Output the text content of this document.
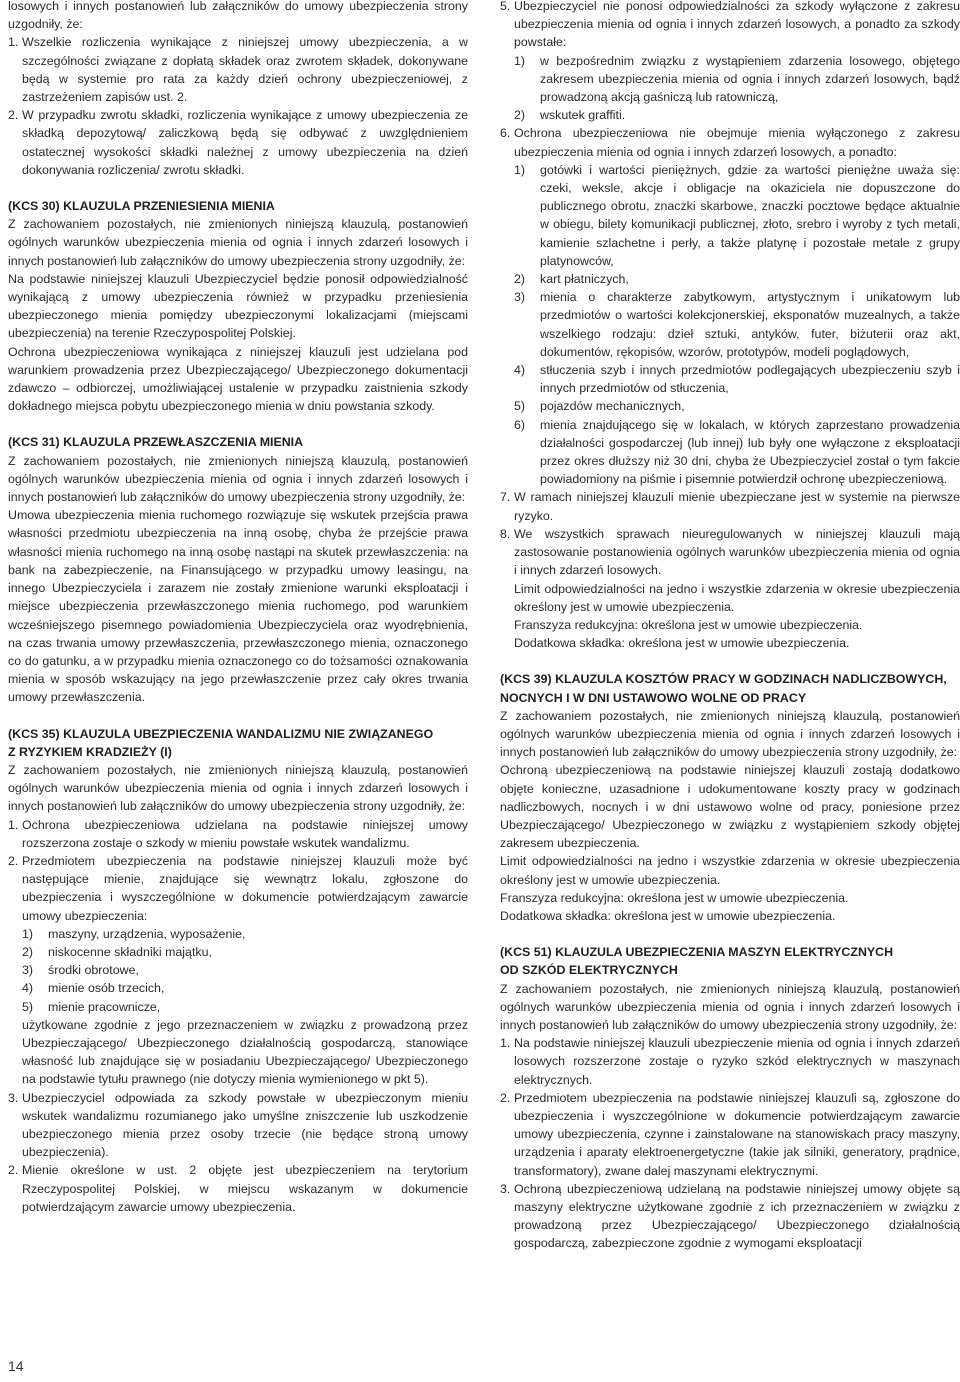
losowych i innych postanowień lub załączników do umowy ubezpieczenia strony uzgodniły, że:

1. Wszelkie rozliczenia wynikające z niniejszej umowy ubezpieczenia, a w szczególności związane z dopłatą składek oraz zwrotem składek, dokonywane będą w systemie pro rata za każdy dzień ochrony ubezpieczeniowej, z zastrzeżeniem zapisów ust. 2.
2. W przypadku zwrotu składki, rozliczenia wynikające z umowy ubezpieczenia ze składką depozytową/ zaliczkową będą się odbywać z uwzględnieniem ostatecznej wysokości składki należnej z umowy ubezpieczenia na dzień dokonywania rozliczenia/ zwrotu składki.

(KCS 30) KLAUZULA PRZENIESIENIA MIENIA

Z zachowaniem pozostałych, nie zmienionych niniejszą klauzulą, postanowień ogólnych warunków ubezpieczenia mienia od ognia i innych zdarzeń losowych i innych postanowień lub załączników do umowy ubezpieczenia strony uzgodniły, że:

Na podstawie niniejszej klauzuli Ubezpieczyciel będzie ponosił odpowiedzialność wynikającą z umowy ubezpieczenia również w przypadku przeniesienia ubezpieczonego mienia pomiędzy ubezpieczonymi lokalizacjami (miejscami ubezpieczenia) na terenie Rzeczypospolitej Polskiej.

Ochrona ubezpieczeniowa wynikająca z niniejszej klauzuli jest udzielana pod warunkiem prowadzenia przez Ubezpieczającego/ Ubezpieczonego dokumentacji zdawczo – odbiorczej, umożliwiającej ustalenie w przypadku zaistnienia szkody dokładnego miejsca pobytu ubezpieczonego mienia w dniu powstania szkody.

(KCS 31) KLAUZULA PRZEWŁASZCZENIA MIENIA

Z zachowaniem pozostałych, nie zmienionych niniejszą klauzulą, postanowień ogólnych warunków ubezpieczenia mienia od ognia i innych zdarzeń losowych i innych postanowień lub załączników do umowy ubezpieczenia strony uzgodniły, że:

Umowa ubezpieczenia mienia ruchomego rozwiązuje się wskutek przejścia prawa własności przedmiotu ubezpieczenia na inną osobę, chyba że przejście prawa własności mienia ruchomego na inną osobę nastąpi na skutek przewłaszczenia: na bank na zabezpieczenie, na Finansującego w przypadku umowy leasingu, na innego Ubezpieczyciela i zarazem nie zostały zmienione warunki eksploatacji i miejsce ubezpieczenia przewłaszczonego mienia ruchomego, pod warunkiem wcześniejszego pisemnego powiadomienia Ubezpieczyciela oraz wyodrębnienia, na czas trwania umowy przewłaszczenia, przewłaszczonego mienia, oznaczonego co do gatunku, a w przypadku mienia oznaczonego co do tożsamości oznakowania mienia w sposób wskazujący na jego przewłaszczenie przez cały okres trwania umowy przewłaszczenia.

(KCS 35) KLAUZULA UBEZPIECZENIA WANDALIZMU NIE ZWIĄZANEGO
Z RYZYKIEM KRADZIEŻY (I)

Z zachowaniem pozostałych, nie zmienionych niniejszą klauzulą, postanowień ogólnych warunków ubezpieczenia mienia od ognia i innych zdarzeń losowych i innych postanowień lub załączników do umowy ubezpieczenia strony uzgodniły, że:

1. Ochrona ubezpieczeniowa udzielana na podstawie niniejszej umowy rozszerzona zostaje o szkody w mieniu powstałe wskutek wandalizmu.
2. Przedmiotem ubezpieczenia na podstawie niniejszej klauzuli może być następujące mienie, znajdujące się wewnątrz lokalu, zgłoszone do ubezpieczenia i wyszczególnione w dokumencie potwierdzającym zawarcie umowy ubezpieczenia:
1)	maszyny, urządzenia, wyposażenie,
2)	niskocenne składniki majątku,
3)	środki obrotowe,
4)	mienie osób trzecich,
5)	mienie pracownicze,

użytkowane zgodnie z jego przeznaczeniem w związku z prowadzoną przez Ubezpieczającego/ Ubezpieczonego działalnością gospodarczą, stanowiące własność lub znajdujące się w posiadaniu Ubezpieczającego/ Ubezpieczonego na podstawie tytułu prawnego (nie dotyczy mienia wymienionego w pkt 5).

3. Ubezpieczyciel odpowiada za szkody powstałe w ubezpieczonym mieniu wskutek wandalizmu rozumianego jako umyślne zniszczenie lub uszkodzenie ubezpieczonego mienia przez osoby trzecie (nie będące stroną umowy ubezpieczenia).
2. Mienie określone w ust. 2 objęte jest ubezpieczeniem na terytorium Rzeczypospolitej Polskiej, w miejscu wskazanym w dokumencie potwierdzającym zawarcie umowy ubezpieczenia.
5. Ubezpieczyciel nie ponosi odpowiedzialności za szkody wyłączone z zakresu ubezpieczenia mienia od ognia i innych zdarzeń losowych, a ponadto za szkody powstałe:
1)	w bezpośrednim związku z wystąpieniem zdarzenia losowego, objętego zakresem ubezpieczenia mienia od ognia i innych zdarzeń losowych, bądź prowadzoną akcją gaśniczą lub ratowniczą,
2)	wskutek graffiti.
6. Ochrona ubezpieczeniowa nie obejmuje mienia wyłączonego z zakresu ubezpieczenia mienia od ognia i innych zdarzeń losowych, a ponadto:
1)	gotówki i wartości pieniężnych, gdzie za wartości pieniężne uważa się: czeki, weksle, akcje i obligacje na okaziciela nie dopuszczone do publicznego obrotu, znaczki skarbowe, znaczki pocztowe będące aktualnie w obiegu, bilety komunikacji publicznej, złoto, srebro i wyroby z tych metali, kamienie szlachetne i perły, a także platynę i pozostałe metale z grupy platynowców,
2)	kart płatniczych,
3)	mienia o charakterze zabytkowym, artystycznym i unikatowym lub przedmiotów o wartości kolekcjonerskiej, eksponatów muzealnych, a także wszelkiego rodzaju: dzieł sztuki, antyków, futer, biżuterii oraz akt, dokumentów, rękopisów, wzorów, prototypów, modeli poglądowych,
4)	stłuczenia szyb i innych przedmiotów podlegających ubezpieczeniu szyb i innych przedmiotów od stłuczenia,
5)	pojazdów mechanicznych,
6)	mienia znajdującego się w lokalach, w których zaprzestano prowadzenia działalności gospodarczej (lub innej) lub były one wyłączone z eksploatacji przez okres dłuższy niż 30 dni, chyba że Ubezpieczyciel został o tym fakcie powiadomiony na piśmie i pisemnie potwierdził ochronę ubezpieczeniową.
7. W ramach niniejszej klauzuli mienie ubezpieczane jest w systemie na pierwsze ryzyko.
8. We wszystkich sprawach nieuregulowanych w niniejszej klauzuli mają zastosowanie postanowienia ogólnych warunków ubezpieczenia mienia od ognia i innych zdarzeń losowych.

Limit odpowiedzialności na jedno i wszystkie zdarzenia w okresie ubezpieczenia określony jest w umowie ubezpieczenia.

Franszyza redukcyjna: określona jest w umowie ubezpieczenia.

Dodatkowa składka: określona jest w umowie ubezpieczenia.

(KCS 39) KLAUZULA KOSZTÓW PRACY W GODZINACH NADLICZBOWYCH,
NOCNYCH I W DNI USTAWOWO WOLNE OD PRACY

Z zachowaniem pozostałych, nie zmienionych niniejszą klauzulą, postanowień ogólnych warunków ubezpieczenia mienia od ognia i innych zdarzeń losowych i innych postanowień lub załączników do umowy ubezpieczenia strony uzgodniły, że:

Ochroną ubezpieczeniową na podstawie niniejszej klauzuli zostają dodatkowo objęte konieczne, uzasadnione i udokumentowane koszty pracy w godzinach nadliczbowych, nocnych i w dni ustawowo wolne od pracy, poniesione przez Ubezpieczającego/ Ubezpieczonego w związku z wystąpieniem szkody objętej zakresem ubezpieczenia.

Limit odpowiedzialności na jedno i wszystkie zdarzenia w okresie ubezpieczenia określony jest w umowie ubezpieczenia.

Franszyza redukcyjna: określona jest w umowie ubezpieczenia.

Dodatkowa składka: określona jest w umowie ubezpieczenia.

(KCS 51) KLAUZULA UBEZPIECZENIA MASZYN ELEKTRYCZNYCH
OD SZKÓD ELEKTRYCZNYCH

Z zachowaniem pozostałych, nie zmienionych niniejszą klauzulą, postanowień ogólnych warunków ubezpieczenia mienia od ognia i innych zdarzeń losowych i innych postanowień lub załączników do umowy ubezpieczenia strony uzgodniły, że:

1. Na podstawie niniejszej klauzuli ubezpieczenie mienia od ognia i innych zdarzeń losowych rozszerzone zostaje o ryzyko szkód elektrycznych w maszynach elektrycznych.
2. Przedmiotem ubezpieczenia na podstawie niniejszej klauzuli są, zgłoszone do ubezpieczenia i wyszczególnione w dokumencie potwierdzającym zawarcie umowy ubezpieczenia, czynne i zainstalowane na stanowiskach pracy maszyny, urządzenia i aparaty elektroenergetyczne (takie jak silniki, generatory, prądnice, transformatory), zwane dalej maszynami elektrycznymi.
3. Ochroną ubezpieczeniową udzielaną na podstawie niniejszej umowy objęte są maszyny elektryczne użytkowane zgodnie z ich przeznaczeniem w związku z prowadzoną przez Ubezpieczającego/ Ubezpieczonego działalnością gospodarczą, zabezpieczone zgodnie z wymogami eksploatacji
14
